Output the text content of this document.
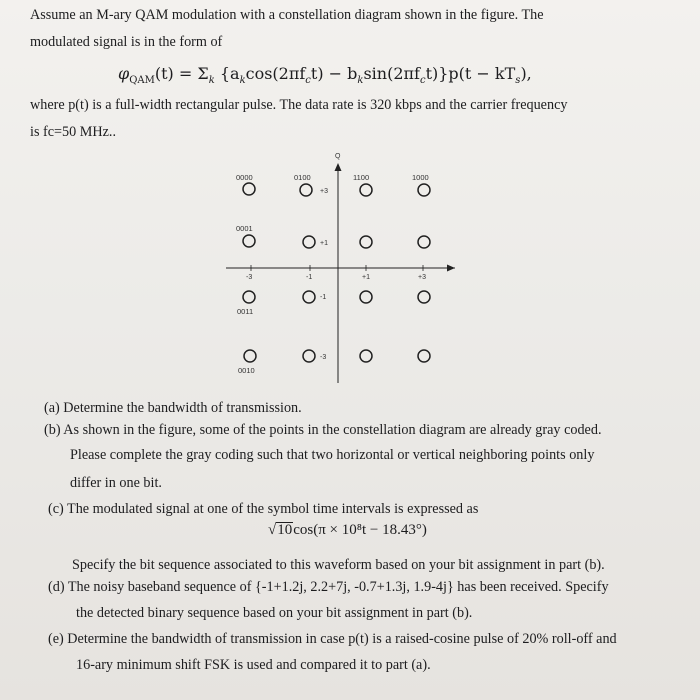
Assume an M-ary QAM modulation with a constellation diagram shown in the figure. The
modulated signal is in the form of
$\varphi_{QAM}(t) = \Sigma_k$ $\{a_k\cos(2\pi f_ct) - b_k\sin(2\pi f_ct)\}p(t - kT_s)$,
where p(t) is a full-width rectangular pulse. The data rate is 320 kbps and the carrier frequency
is fc=50 MHz..
Q
-3	-1	+1	+3
+3
+1
-1
-3
0000	0100	1100	1000
0001
0011
0010
(a) Determine the bandwidth of transmission.
(b) As shown in the figure, some of the points in the constellation diagram are already gray coded.
Please complete the gray coding such that two horizontal or vertical neighboring points only
differ in one bit.
(c) The modulated signal at one of the symbol time intervals is expressed as
√10cos(π × 10⁸t − 18.43°)
Specify the bit sequence associated to this waveform based on your bit assignment in part (b).
(d) The noisy baseband sequence of {-1+1.2j, 2.2+7j, -0.7+1.3j, 1.9-4j} has been received. Specify
the detected binary sequence based on your bit assignment in part (b).
(e) Determine the bandwidth of transmission in case p(t) is a raised-cosine pulse of 20% roll-off and
16-ary minimum shift FSK is used and compared it to part (a).
